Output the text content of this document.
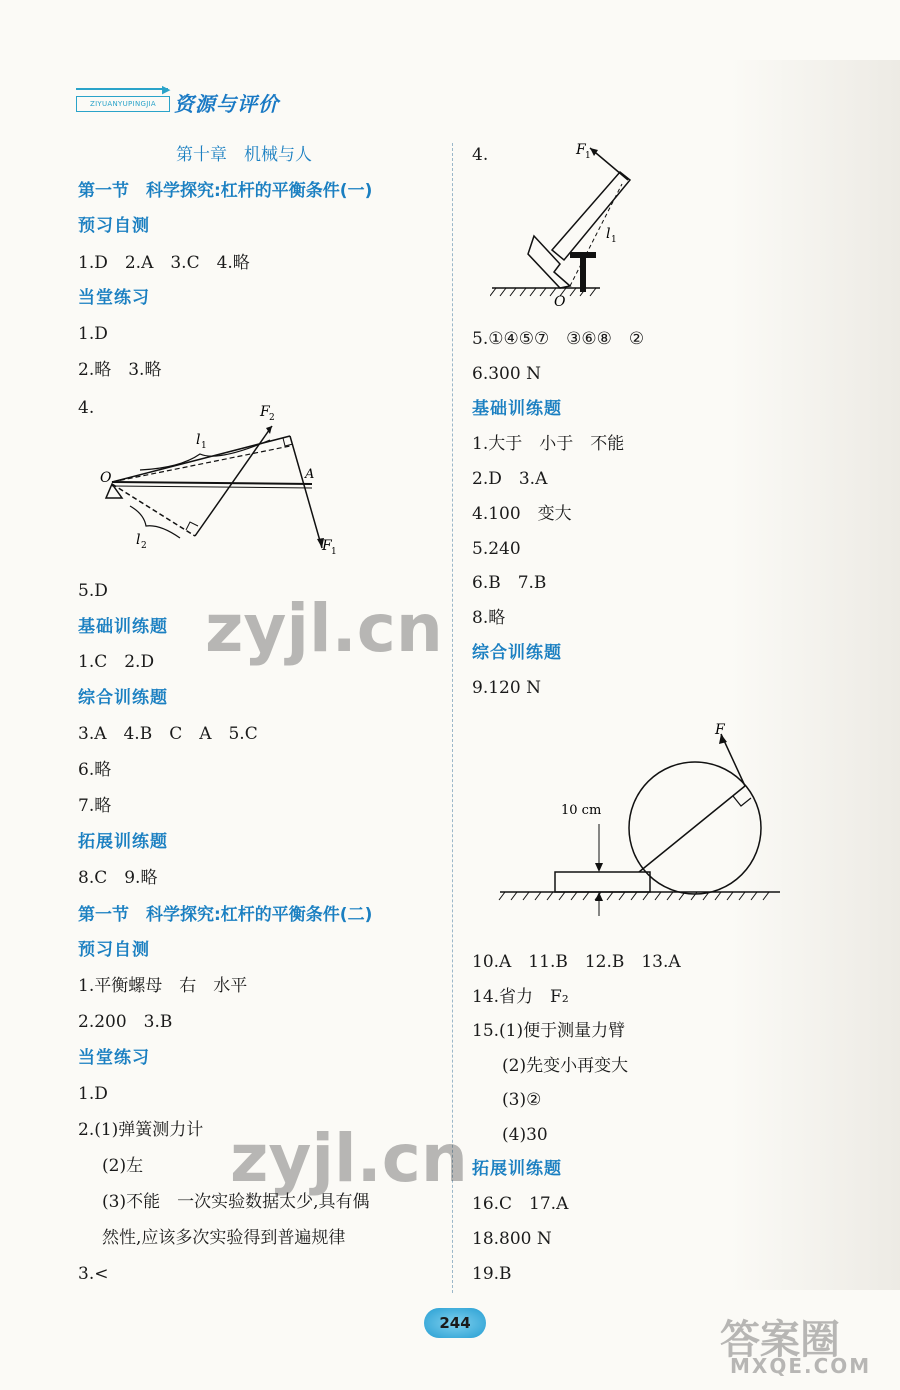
▶
ZIYUANYUPINGJIA 资源与评价
第十章　机械与人
第一节　科学探究:杠杆的平衡条件(一)
预习自测
1.D　2.A　3.C　4.略
当堂练习
1.D
2.略　3.略
4.
5.D
基础训练题
1.C　2.D
综合训练题
3.A　4.B　C　A　5.C
6.略
7.略
拓展训练题
8.C　9.略
第一节　科学探究:杠杆的平衡条件(二)
预习自测
1.平衡螺母　右　水平
2.200　3.B
当堂练习
1.D
2.(1)弹簧测力计
(2)左
(3)不能　一次实验数据太少,具有偶
然性,应该多次实验得到普遍规律
3.<
4.
5.①④⑤⑦　③⑥⑧　②
6.300 N
基础训练题
1.大于　小于　不能
2.D　3.A
4.100　变大
5.240
6.B　7.B
8.略
综合训练题
9.120 N
10.A　11.B　12.B　13.A
14.省力　F₂
15.(1)便于测量力臂
(2)先变小再变大
(3)②
(4)30
拓展训练题
16.C　17.A
18.800 N
19.B
O	A
F 2
F 1
l 1
l 2
F 1
l 1
O
F
10 cm
244
zyjl.cn
zyjl.cn
答案圈
MXQE.COM
